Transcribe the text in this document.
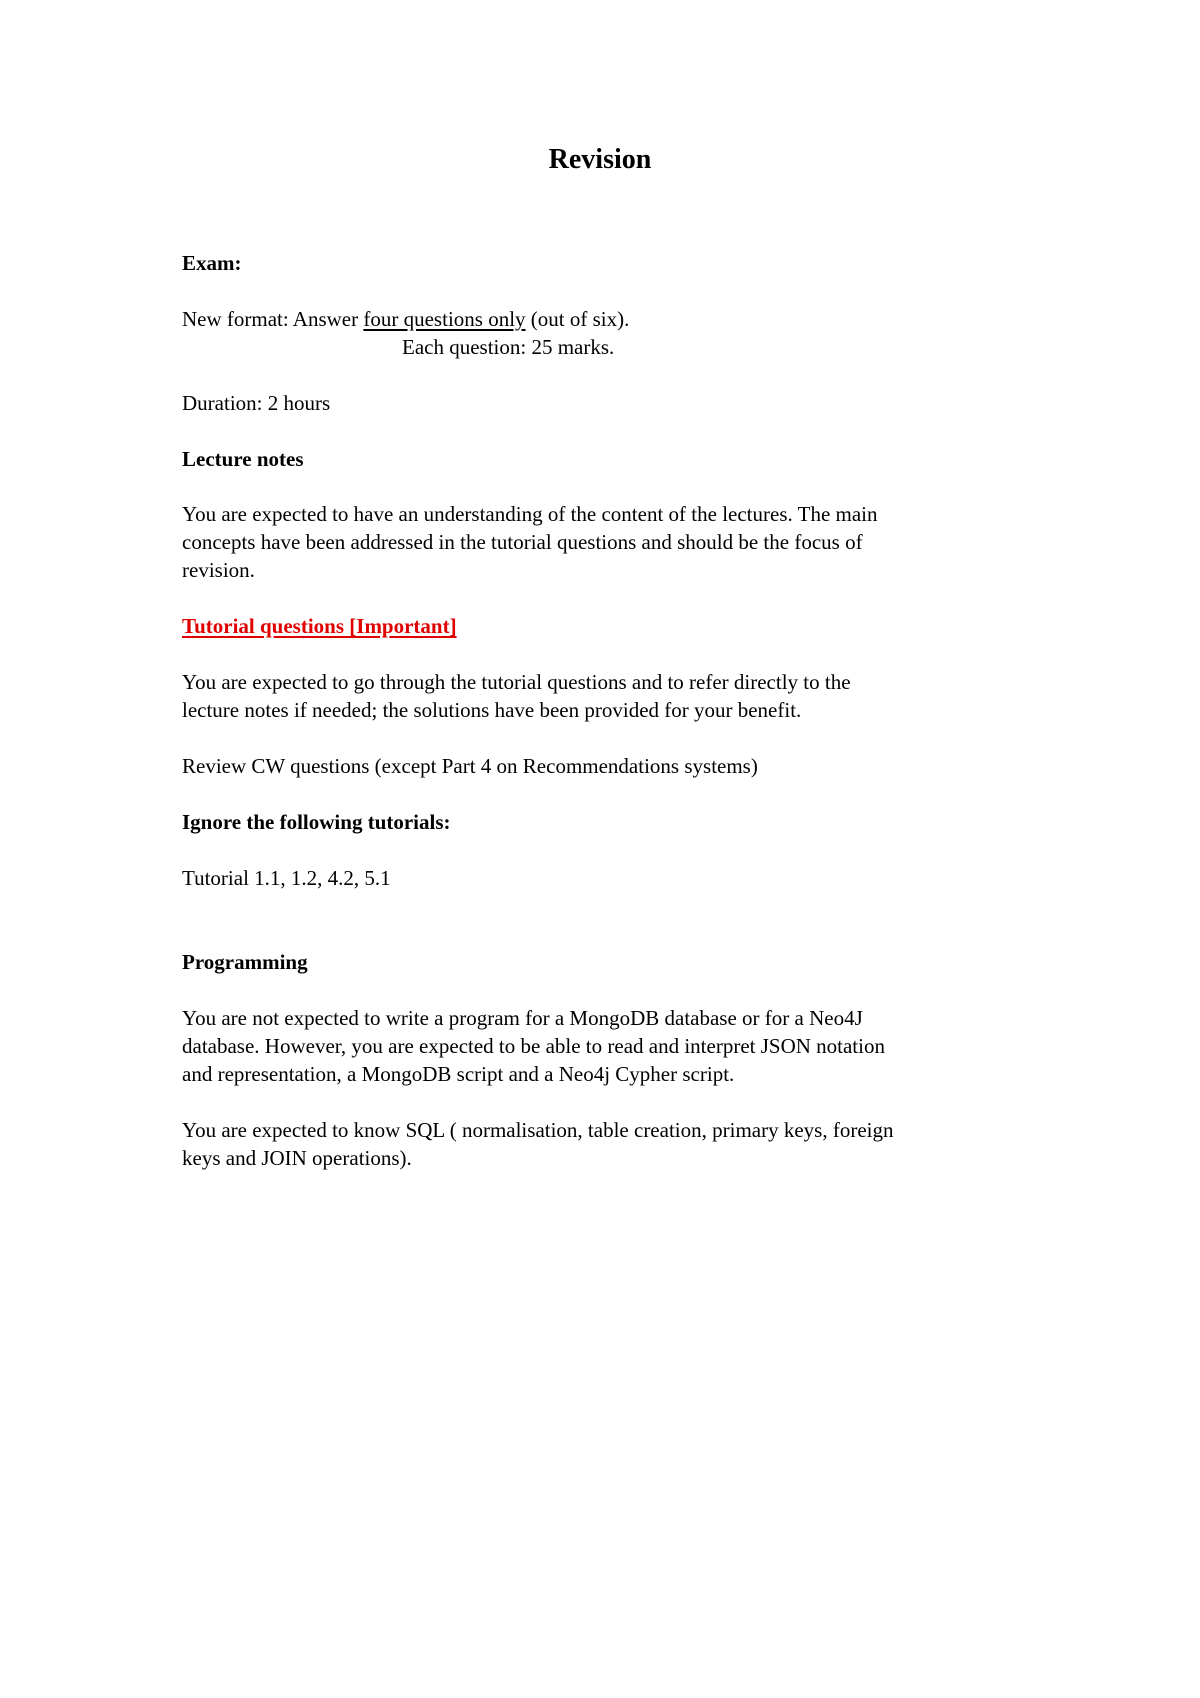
Revision
Exam:
New format: Answer four questions only (out of six).
Each question: 25 marks.
Duration: 2 hours
Lecture notes
You are expected to have an understanding of the content of the lectures. The main
concepts have been addressed in the tutorial questions and should be the focus of
revision.
Tutorial questions [Important]
You are expected to go through the tutorial questions and to refer directly to the
lecture notes if needed; the solutions have been provided for your benefit.
Review CW questions (except Part 4 on Recommendations systems)
Ignore the following tutorials:
Tutorial 1.1, 1.2, 4.2, 5.1
Programming
You are not expected to write a program for a MongoDB database or for a Neo4J
database. However, you are expected to be able to read and interpret JSON notation
and representation, a MongoDB script and a Neo4j Cypher script.
You are expected to know SQL ( normalisation, table creation, primary keys, foreign
keys and JOIN operations).
